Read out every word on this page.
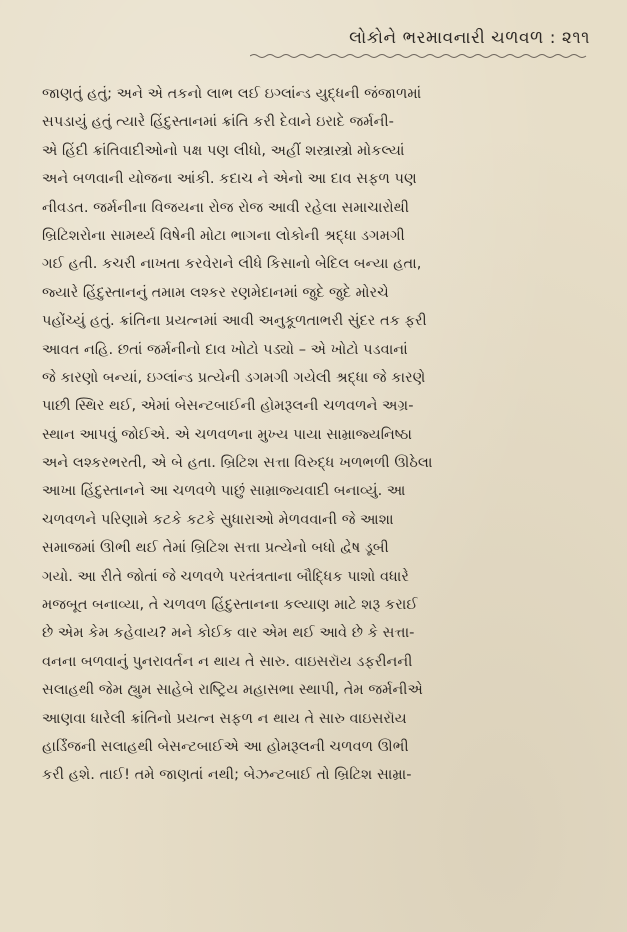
લોકોને ભરમાવનારી ચળવળ : ૨૧૧
જાણતું હતું; અને એ તકનો લાભ લઈ ઇગ્લાંન્ડ યુદ્ધની જંજાળમાં
સપડાયું હતું ત્યારે હિંદુસ્તાનમાં ક્રાંતિ કરી દેવાને ઇરાદે જર્મની-
એ હિંદી ક્રાંતિવાદીઓનો પક્ષ પણ લીધો, અહીં શસ્ત્રાસ્ત્રો મોકલ્યાં
અને બળવાની યોજના આંકી. કદાચ ને એનો આ દાવ સફળ પણ
નીવડત. જર્મનીના વિજયના રોજ રોજ આવી રહેલા સમાચારોથી
બ્રિટિશરોના સામર્થ્ય વિષેની મોટા ભાગના લોકોની શ્રદ્ધા ડગમગી
ગઈ હતી. કચરી નાખતા કરવેરાને લીધે કિસાનો બેદિલ બન્યા હતા,
જ્યારે હિંદુસ્તાનનું તમામ લશ્કર રણમેદાનમાં જુદે જુદે મોરચે
પહોંચ્યું હતું. ક્રાંતિના પ્રયત્નમાં આવી અનુકૂળતાભરી સુંદર તક ફરી
આવત નહિ. છતાં જર્મનીનો દાવ ખોટો પડ્યો – એ ખોટો પડવાનાં
જે કારણો બન્યાં, ઇગ્લાંન્ડ પ્રત્યેની ડગમગી ગયેલી શ્રદ્ધા જે કારણે
પાછી સ્થિર થઈ, એમાં બેસન્ટબાઈની હોમરૂલની ચળવળને અગ્ર-
સ્થાન આપવું જોઈએ. એ ચળવળના મુખ્ય પાયા સામ્રાજ્યનિષ્ઠા
અને લશ્કરભરતી, એ બે હતા. બ્રિટિશ સત્તા વિરુદ્ધ ખળભળી ઊઠેલા
આખા હિંદુસ્તાનને આ ચળવળે પાછું સામ્રાજ્યવાદી બનાવ્યું. આ
ચળવળને પરિણામે કટકે કટકે સુધારાઓ મેળવવાની જે આશા
સમાજમાં ઊભી થઈ તેમાં બ્રિટિશ સત્તા પ્રત્યેનો બધો દ્વેષ ડૂબી
ગયો. આ રીતે જોતાં જે ચળવળે પરતંત્રતાના બૌદ્ધિક પાશો વધારે
મજબૂત બનાવ્યા, તે ચળવળ હિંદુસ્તાનના કલ્યાણ માટે શરૂ કરાઈ
છે એમ કેમ કહેવાય? મને કોઈક વાર એમ થઈ આવે છે કે સત્તા-
વનના બળવાનું પુનરાવર્તન ન થાય તે સારુ. વાઇસરૉય ડફરીનની
સલાહથી જેમ હ્યુમ સાહેબે રાષ્ટ્રિય મહાસભા સ્થાપી, તેમ જર્મનીએ
આણવા ધારેલી ક્રાંતિનો પ્રયત્ન સફળ ન થાય તે સારુ વાઇસરૉય
હાર્ડિંજની સલાહથી બેસન્ટબાઈએ આ હોમરૂલની ચળવળ ઊભી
કરી હશે. તાઈ! તમે જાણતાં નથી; બેઝન્ટબાઈ તો બ્રિટિશ સામ્રા-
